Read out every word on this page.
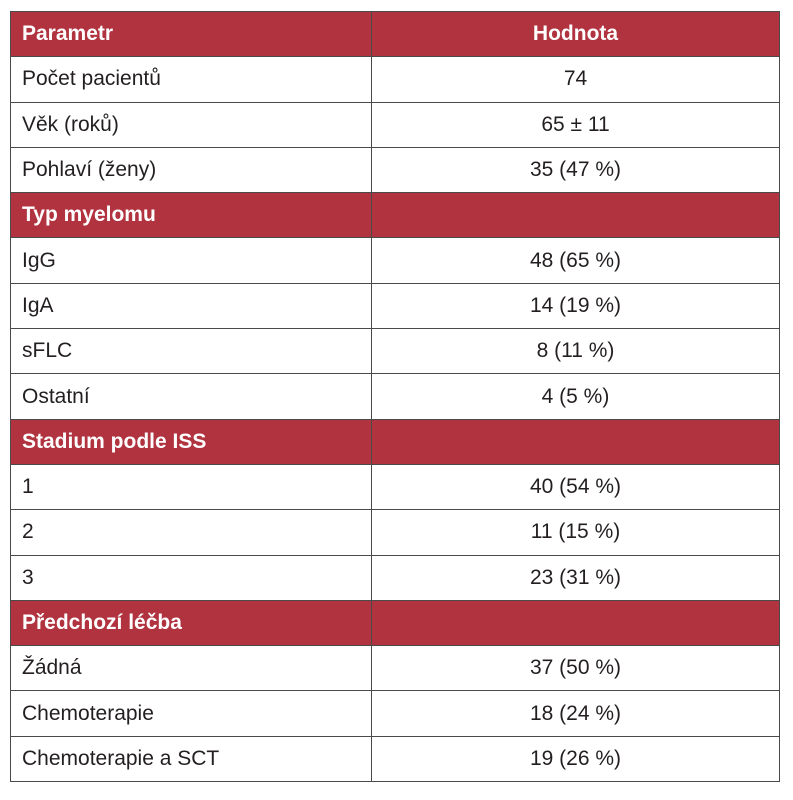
Parametr	Hodnota
Počet pacientů	74
Věk (roků)	65 ± 11
Pohlaví (ženy)	35 (47 %)
Typ myelomu	
IgG	48 (65 %)
IgA	14 (19 %)
sFLC	8 (11 %)
Ostatní	4 (5 %)
Stadium podle ISS	
1	40 (54 %)
2	11 (15 %)
3	23 (31 %)
Předchozí léčba	
Žádná	37 (50 %)
Chemoterapie	18 (24 %)
Chemoterapie a SCT	19 (26 %)
